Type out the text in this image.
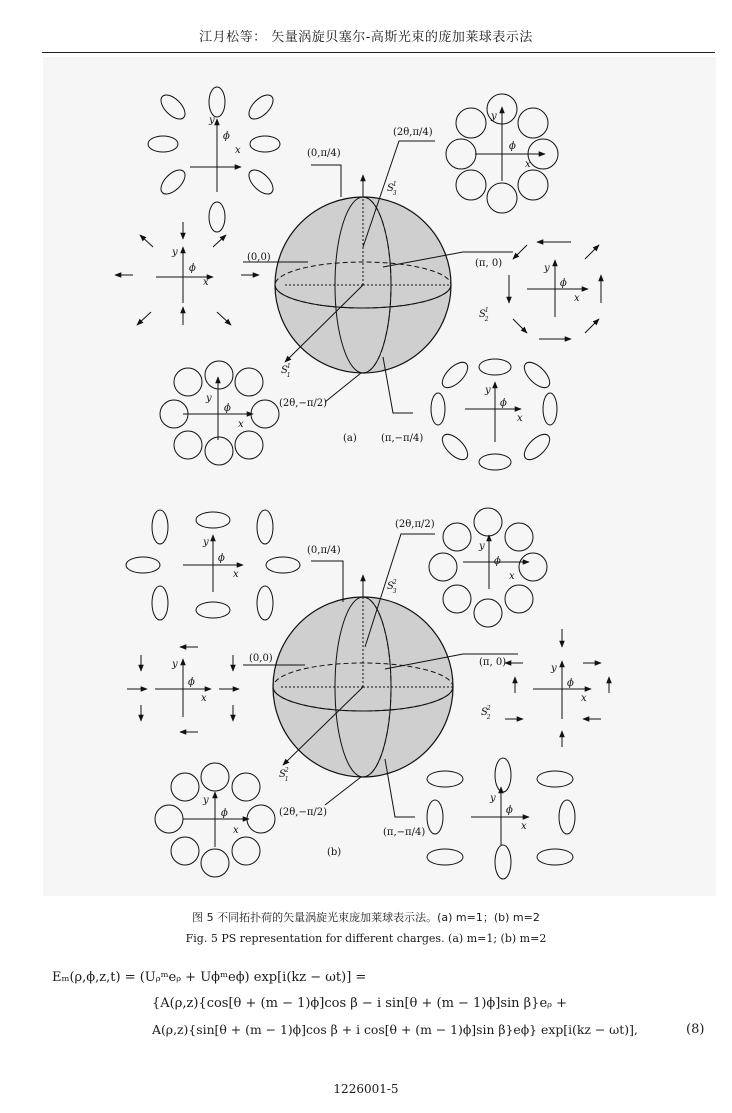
江月松等： 矢量涡旋贝塞尔-高斯光束的庞加莱球表示法
(0,0)
(0,π/4)
(2θ,π/4)
(π, 0)
(2θ,−π/2)
(π,−π/4)
(a)
S1 3
S1 2
S1 1
y
x
ϕ
y
x
ϕ
y
x
ϕ	y
x
ϕ
y
x
ϕ
y
x
ϕ
(0,0)
(0,π/4)
(2θ,π/2)
(π, 0)
(2θ,−π/2)
(π,−π/4)
(b)
S2 3
S2 2
S2 1
y
x
ϕ
y
x
ϕ
y
x
ϕ
y
x
ϕ
y
x
ϕ
y
x
ϕ
图 5 不同拓扑荷的矢量涡旋光束庞加莱球表示法。(a) m=1；(b) m=2
Fig. 5 PS representation for different charges. (a) m=1; (b) m=2
Eₘ(ρ,ϕ,z,t) = (Uᵨᵐeᵨ + Uϕᵐeϕ) exp[i(kz − ωt)] =
{A(ρ,z){cos[θ + (m − 1)ϕ]cos β − i sin[θ + (m − 1)ϕ]sin β}eᵨ +
A(ρ,z){sin[θ + (m − 1)ϕ]cos β + i cos[θ + (m − 1)ϕ]sin β}eϕ} exp[i(kz − ωt)],	(8)
1226001-5
